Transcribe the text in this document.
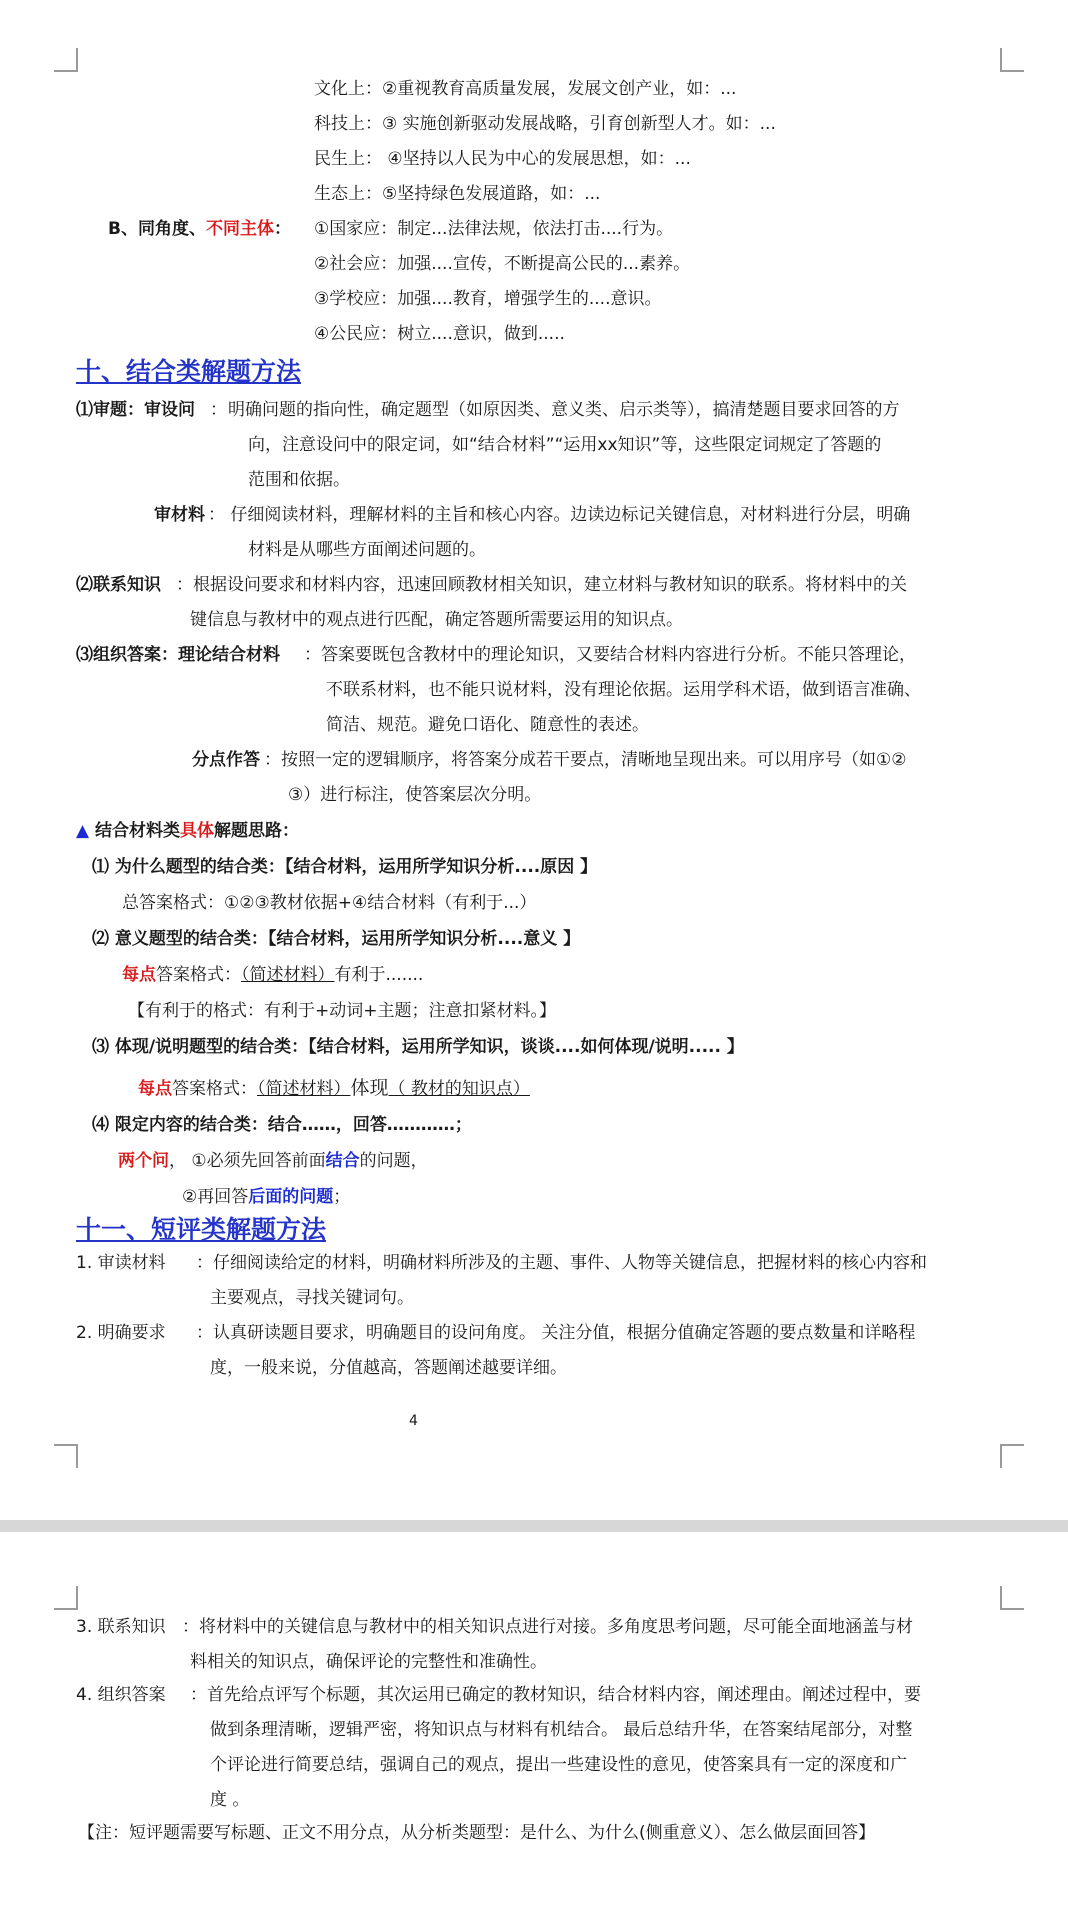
文化上：②重视教育高质量发展，发展文创产业，如：...
科技上：③ 实施创新驱动发展战略，引育创新型人才。如：...
民生上： ④坚持以人民为中心的发展思想，如：...
生态上：⑤坚持绿色发展道路，如：...
B、同角度、不同主体： ①国家应：制定...法律法规，依法打击....行为。
②社会应：加强....宣传，不断提高公民的...素养。
③学校应：加强....教育，增强学生的....意识。
④公民应：树立....意识，做到.....
十、结合类解题方法
⑴审题：审设问 ： 明确问题的指向性，确定题型（如原因类、意义类、启示类等），搞清楚题目要求回答的方
向，注意设问中的限定词，如“结合材料”“运用xx知识”等，这些限定词规定了答题的
范围和依据。
审材料 ： 仔细阅读材料，理解材料的主旨和核心内容。边读边标记关键信息，对材料进行分层，明确
材料是从哪些方面阐述问题的。
⑵联系知识 ：根据设问要求和材料内容，迅速回顾教材相关知识，建立材料与教材知识的联系。将材料中的关
键信息与教材中的观点进行匹配，确定答题所需要运用的知识点。
⑶组织答案：理论结合材料 ：答案要既包含教材中的理论知识，又要结合材料内容进行分析。不能只答理论，
不联系材料，也不能只说材料，没有理论依据。运用学科术语，做到语言准确、
简洁、规范。避免口语化、随意性的表述。
分点作答 ：按照一定的逻辑顺序，将答案分成若干要点，清晰地呈现出来。可以用序号（如①②
③）进行标注，使答案层次分明。
▲ 结合材料类具体解题思路：
⑴ 为什么题型的结合类：【结合材料，运用所学知识分析....原因 】
总答案格式：①②③教材依据+④结合材料（有利于...）
⑵ 意义题型的结合类：【结合材料，运用所学知识分析....意义 】
每点答案格式：（简述材料）有利于.......
【有利于的格式：有利于+动词+主题；注意扣紧材料。】
⑶ 体现/说明题型的结合类：【结合材料，运用所学知识，谈谈....如何体现/说明..... 】
每点答案格式：（简述材料）体现（ 教材的知识点）
⑷ 限定内容的结合类：结合……，回答…………；
两个问， ①必须先回答前面结合的问题，
②再回答后面的问题；
十一、短评类解题方法
1. 审读材料 ：仔细阅读给定的材料，明确材料所涉及的主题、事件、人物等关键信息，把握材料的核心内容和
主要观点，寻找关键词句。
2. 明确要求 ：认真研读题目要求，明确题目的设问角度。 关注分值，根据分值确定答题的要点数量和详略程
度，一般来说，分值越高，答题阐述越要详细。
4
3. 联系知识 ：将材料中的关键信息与教材中的相关知识点进行对接。多角度思考问题，尽可能全面地涵盖与材
料相关的知识点，确保评论的完整性和准确性。
4. 组织答案 ：首先给点评写个标题，其次运用已确定的教材知识，结合材料内容，阐述理由。阐述过程中，要
做到条理清晰，逻辑严密，将知识点与材料有机结合。 最后总结升华，在答案结尾部分，对整
个评论进行简要总结，强调自己的观点，提出一些建设性的意见，使答案具有一定的深度和广
度 。
【注：短评题需要写标题、正文不用分点，从分析类题型：是什么、为什么(侧重意义）、怎么做层面回答】
